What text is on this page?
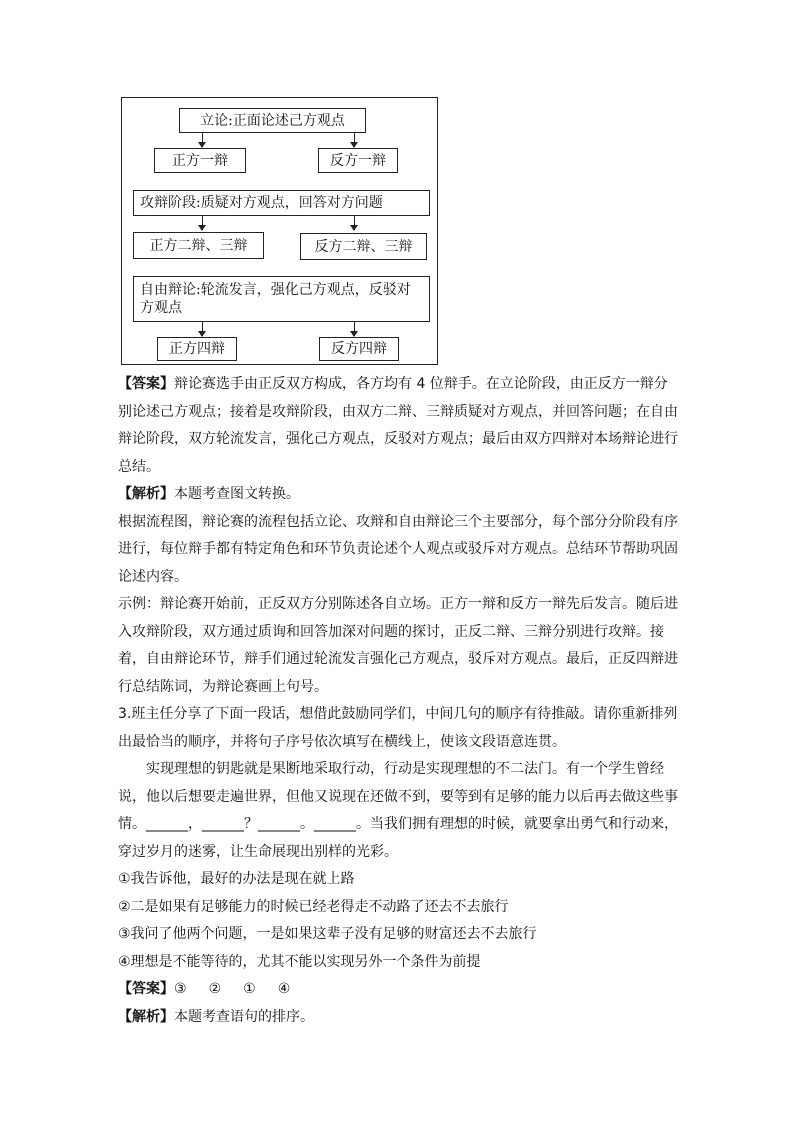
立论:正面论述己方观点
正方一辩	反方一辩
攻辩阶段:质疑对方观点，回答对方问题
正方二辩、三辩	反方二辩、三辩
自由辩论:轮流发言，强化己方观点，反驳对方观点
正方四辩	反方四辩

【答案】辩论赛选手由正反双方构成，各方均有 4 位辩手。在立论阶段，由正反方一辩分别论述己方观点；接着是攻辩阶段，由双方二辩、三辩质疑对方观点，并回答问题；在自由辩论阶段，双方轮流发言，强化己方观点，反驳对方观点；最后由双方四辩对本场辩论进行总结。

【解析】本题考查图文转换。

根据流程图，辩论赛的流程包括立论、攻辩和自由辩论三个主要部分，每个部分分阶段有序进行，每位辩手都有特定角色和环节负责论述个人观点或驳斥对方观点。总结环节帮助巩固论述内容。

示例：辩论赛开始前，正反双方分别陈述各自立场。正方一辩和反方一辩先后发言。随后进入攻辩阶段，双方通过质询和回答加深对问题的探讨，正反二辩、三辩分别进行攻辩。接着，自由辩论环节，辩手们通过轮流发言强化己方观点，驳斥对方观点。最后，正反四辩进行总结陈词，为辩论赛画上句号。

3.班主任分享了下面一段话，想借此鼓励同学们，中间几句的顺序有待推敲。请你重新排列出最恰当的顺序，并将句子序号依次填写在横线上，使该文段语意连贯。

实现理想的钥匙就是果断地采取行动，行动是实现理想的不二法门。有一个学生曾经说，他以后想要走遍世界，但他又说现在还做不到，要等到有足够的能力以后再去做这些事情。______，______？______。______。当我们拥有理想的时候，就要拿出勇气和行动来，穿过岁月的迷雾，让生命展现出别样的光彩。

①我告诉他，最好的办法是现在就上路

②二是如果有足够能力的时候已经老得走不动路了还去不去旅行

③我问了他两个问题，一是如果这辈子没有足够的财富还去不去旅行

④理想是不能等待的，尤其不能以实现另外一个条件为前提

【答案】③ ② ① ④

【解析】本题考查语句的排序。
